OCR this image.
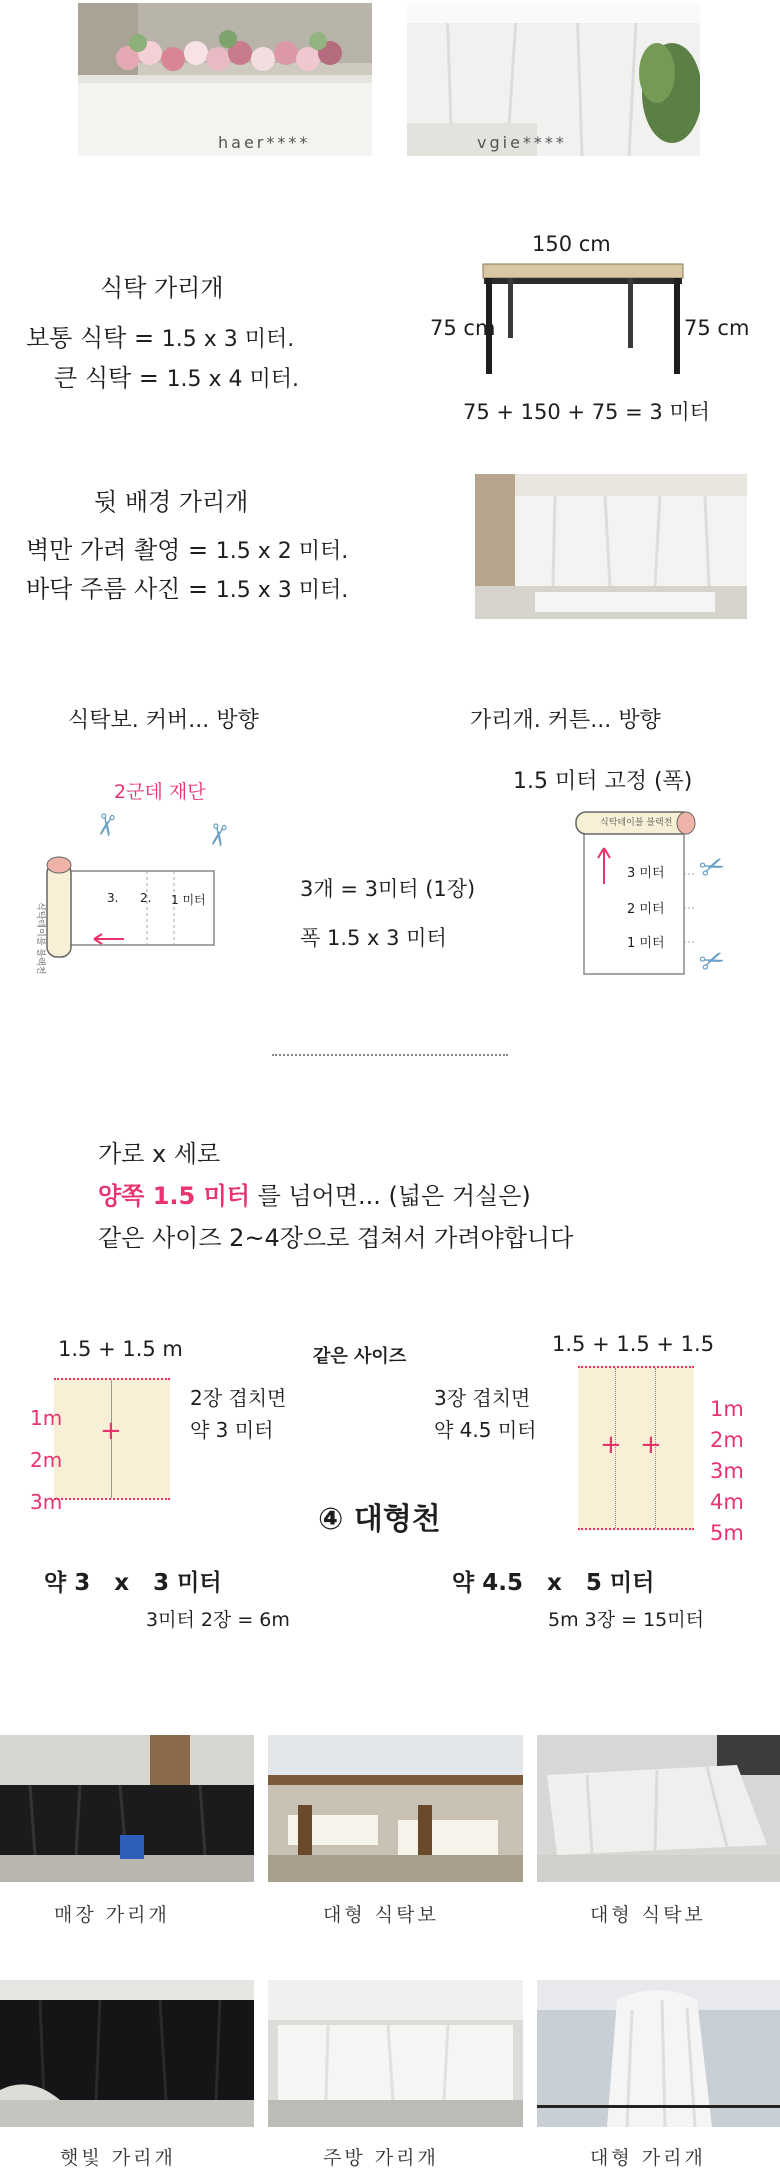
haer****	vgie****
식탁 가리개
보통 식탁 = 1.5 x 3 미터.
큰 식탁 = 1.5 x 4 미터.
150 cm
75 cm	75 cm
75 + 150 + 75 = 3 미터
뒷 배경 가리개
벽만 가려 촬영 = 1.5 x 2 미터.
바닥 주름 사진 = 1.5 x 3 미터.
식탁보. 커버... 방향	가리개. 커튼... 방향
2군데 재단
✂ ✂
식탁테이블 블랙천
3. 2. 1 미터	3개 = 3미터 (1장)
폭 1.5 x 3 미터
1.5 미터 고정 (폭)
식탁테이블 블랙천
3 미터
2 미터
1 미터
✂
✂
가로 x 세로
양쪽 1.5 미터 를 넘어면... (넓은 거실은)
같은 사이즈 2~4장으로 겹쳐서 가려야합니다
1.5 + 1.5 m	같은 사이즈
1.5 + 1.5 + 1.5
+
1m
2m
3m
2장 겹치면
약 3 미터
3장 겹치면
약 4.5 미터 + +
1m
2m
3m
4m
5m
④ 대형천
약 3   x   3 미터
3미터 2장 = 6m
약 4.5   x   5 미터
5m 3장 = 15미터
매장 가리개	대형 식탁보	대형 식탁보
햇빛 가리개	주방 가리개	대형 가리개
